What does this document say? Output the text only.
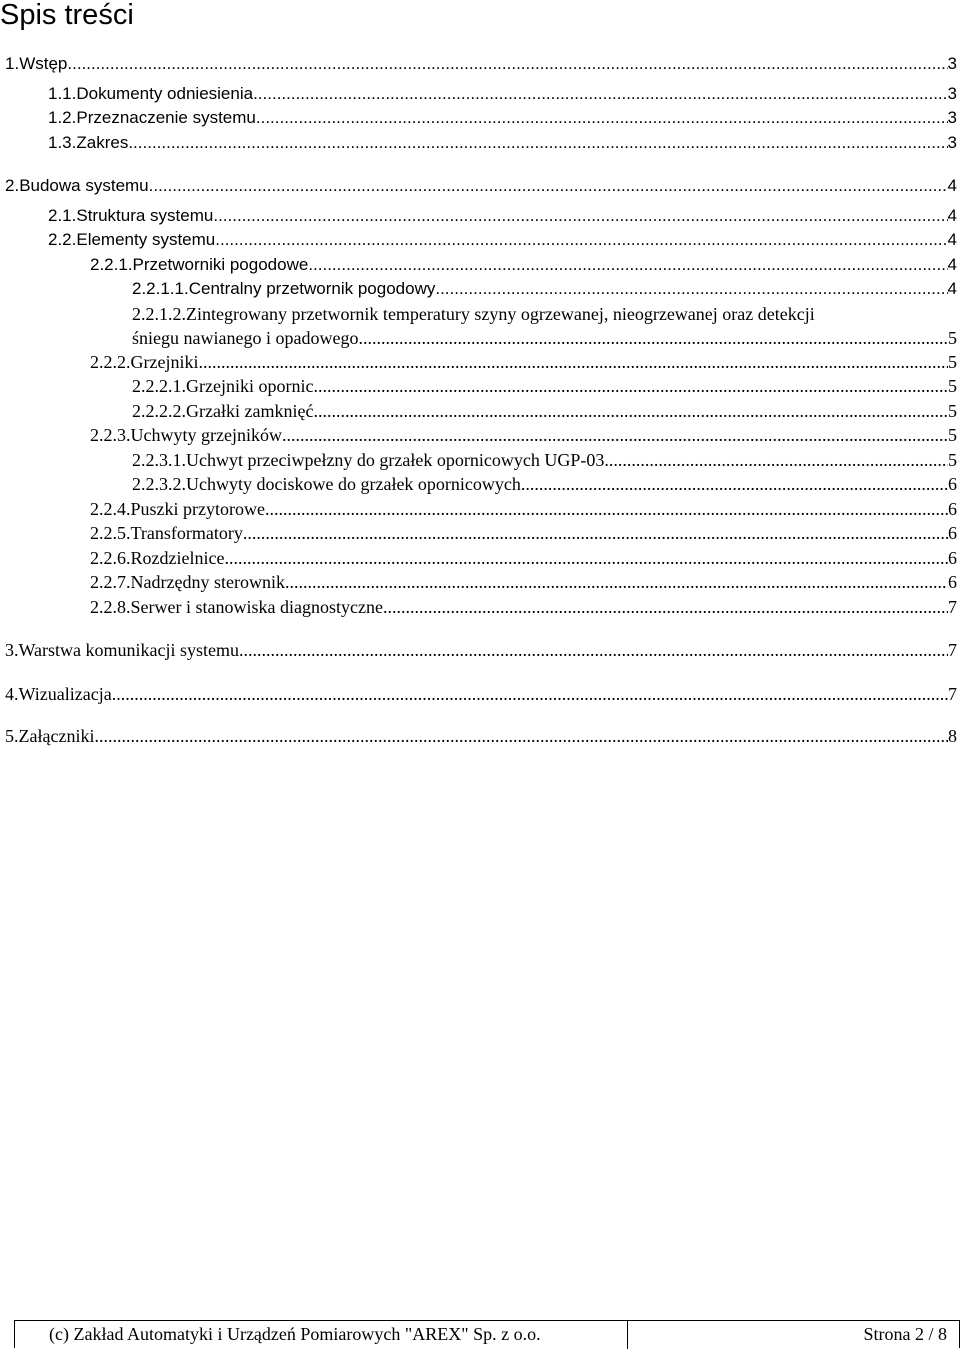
Spis treści
1. Wstęp .....	3
1.1. Dokumenty odniesienia .....	3
1.2. Przeznaczenie systemu .....	3
1.3. Zakres .....	3
2. Budowa systemu .....	4
2.1. Struktura systemu .....	4
2.2. Elementy systemu .....	4
2.2.1. Przetworniki pogodowe .....	4
2.2.1.1. Centralny przetwornik pogodowy .....	4
2.2.1.2. Zintegrowany przetwornik temperatury szyny ogrzewanej, nieogrzewanej oraz detekcji
śniegu nawianego i opadowego .....	5
2.2.2. Grzejniki .....	5
2.2.2.1. Grzejniki opornic .....	5
2.2.2.2. Grzałki zamknięć .....	5
2.2.3. Uchwyty grzejników .....	5
2.2.3.1. Uchwyt przeciwpełzny do grzałek opornicowych UGP-03 .....	5
2.2.3.2. Uchwyty dociskowe do grzałek opornicowych .....	6
2.2.4. Puszki przytorowe .....	6
2.2.5. Transformatory .....	6
2.2.6. Rozdzielnice .....	6
2.2.7. Nadrzędny sterownik .....	6
2.2.8. Serwer i stanowiska diagnostyczne .....	7
3. Warstwa komunikacji systemu .....	7
4. Wizualizacja .....	7
5. Załączniki .....	8
(c) Zakład Automatyki i Urządzeń Pomiarowych "AREX" Sp. z o.o.	Strona 2 / 8
